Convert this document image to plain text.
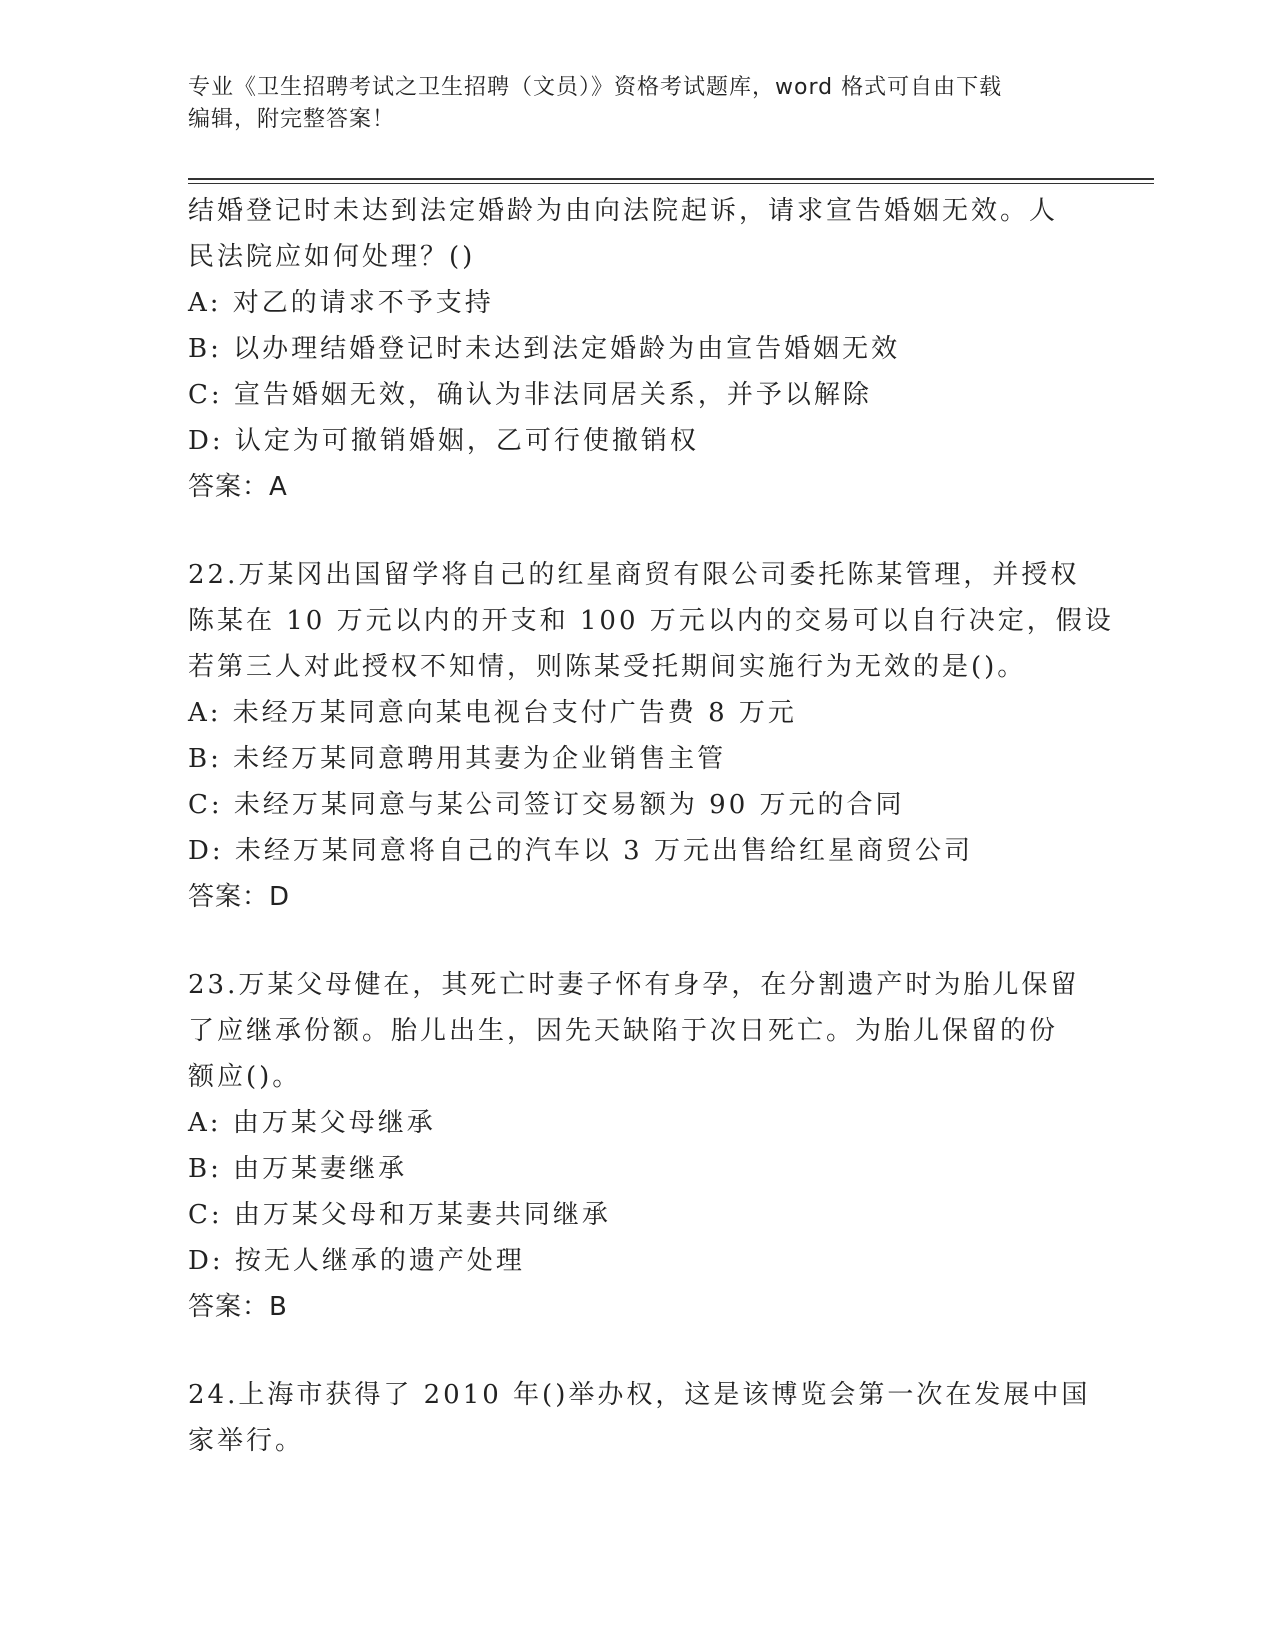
专业《卫生招聘考试之卫生招聘（文员）》资格考试题库，word 格式可自由下载
编辑，附完整答案！
结婚登记时未达到法定婚龄为由向法院起诉，请求宣告婚姻无效。人
民法院应如何处理？()
A: 对乙的请求不予支持
B: 以办理结婚登记时未达到法定婚龄为由宣告婚姻无效
C: 宣告婚姻无效，确认为非法同居关系，并予以解除
D: 认定为可撤销婚姻，乙可行使撤销权
答案：A
22.万某冈出国留学将自己的红星商贸有限公司委托陈某管理，并授权
陈某在 10 万元以内的开支和 100 万元以内的交易可以自行决定，假设
若第三人对此授权不知情，则陈某受托期间实施行为无效的是()。
A: 未经万某同意向某电视台支付广告费 8 万元
B: 未经万某同意聘用其妻为企业销售主管
C: 未经万某同意与某公司签订交易额为 90 万元的合同
D: 未经万某同意将自己的汽车以 3 万元出售给红星商贸公司
答案：D
23.万某父母健在，其死亡时妻子怀有身孕，在分割遗产时为胎儿保留
了应继承份额。胎儿出生，因先天缺陷于次日死亡。为胎儿保留的份
额应()。
A: 由万某父母继承
B: 由万某妻继承
C: 由万某父母和万某妻共同继承
D: 按无人继承的遗产处理
答案：B
24.上海市获得了 2010 年()举办权，这是该博览会第一次在发展中国
家举行。
